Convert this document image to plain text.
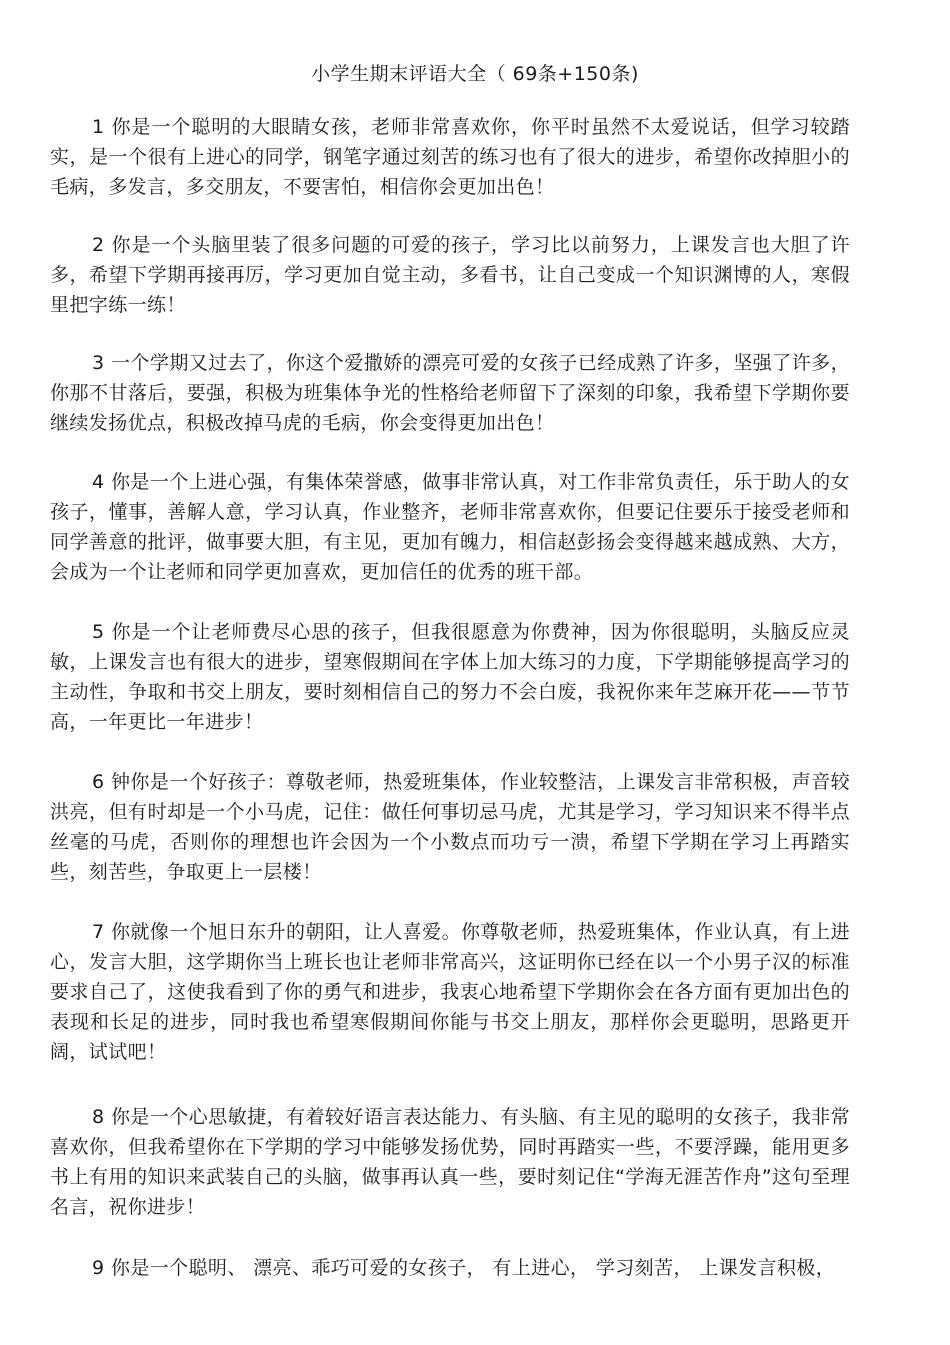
小学生期末评语大全（ 69条+150条)

1 你是一个聪明的大眼睛女孩，老师非常喜欢你，你平时虽然不太爱说话，但学习较踏实，是一个很有上进心的同学，钢笔字通过刻苦的练习也有了很大的进步，希望你改掉胆小的毛病，多发言，多交朋友，不要害怕，相信你会更加出色！

2 你是一个头脑里装了很多问题的可爱的孩子，学习比以前努力，上课发言也大胆了许多，希望下学期再接再厉，学习更加自觉主动，多看书，让自己变成一个知识渊博的人，寒假里把字练一练！

3 一个学期又过去了，你这个爱撒娇的漂亮可爱的女孩子已经成熟了许多，坚强了许多，你那不甘落后，要强，积极为班集体争光的性格给老师留下了深刻的印象，我希望下学期你要继续发扬优点，积极改掉马虎的毛病，你会变得更加出色！

4 你是一个上进心强，有集体荣誉感，做事非常认真，对工作非常负责任，乐于助人的女孩子，懂事，善解人意，学习认真，作业整齐，老师非常喜欢你，但要记住要乐于接受老师和同学善意的批评，做事要大胆，有主见，更加有魄力，相信赵彭扬会变得越来越成熟、大方，会成为一个让老师和同学更加喜欢，更加信任的优秀的班干部。

5 你是一个让老师费尽心思的孩子，但我很愿意为你费神，因为你很聪明，头脑反应灵敏，上课发言也有很大的进步，望寒假期间在字体上加大练习的力度，下学期能够提高学习的主动性，争取和书交上朋友，要时刻相信自己的努力不会白废，我祝你来年芝麻开花——节节高，一年更比一年进步！

6 钟你是一个好孩子：尊敬老师，热爱班集体，作业较整洁，上课发言非常积极，声音较洪亮，但有时却是一个小马虎，记住：做任何事切忌马虎，尤其是学习，学习知识来不得半点丝毫的马虎，否则你的理想也许会因为一个小数点而功亏一溃，希望下学期在学习上再踏实些，刻苦些，争取更上一层楼！

7 你就像一个旭日东升的朝阳，让人喜爱。你尊敬老师，热爱班集体，作业认真，有上进心，发言大胆，这学期你当上班长也让老师非常高兴，这证明你已经在以一个小男子汉的标准要求自己了，这使我看到了你的勇气和进步，我衷心地希望下学期你会在各方面有更加出色的表现和长足的进步，同时我也希望寒假期间你能与书交上朋友，那样你会更聪明，思路更开阔，试试吧！

8 你是一个心思敏捷，有着较好语言表达能力、有头脑、有主见的聪明的女孩子，我非常喜欢你，但我希望你在下学期的学习中能够发扬优势，同时再踏实一些，不要浮躁，能用更多书上有用的知识来武装自己的头脑，做事再认真一些，要时刻记住“学海无涯苦作舟”这句至理名言，祝你进步！

9 你是一个聪明、 漂亮、乖巧可爱的女孩子， 有上进心， 学习刻苦， 上课发言积极，
